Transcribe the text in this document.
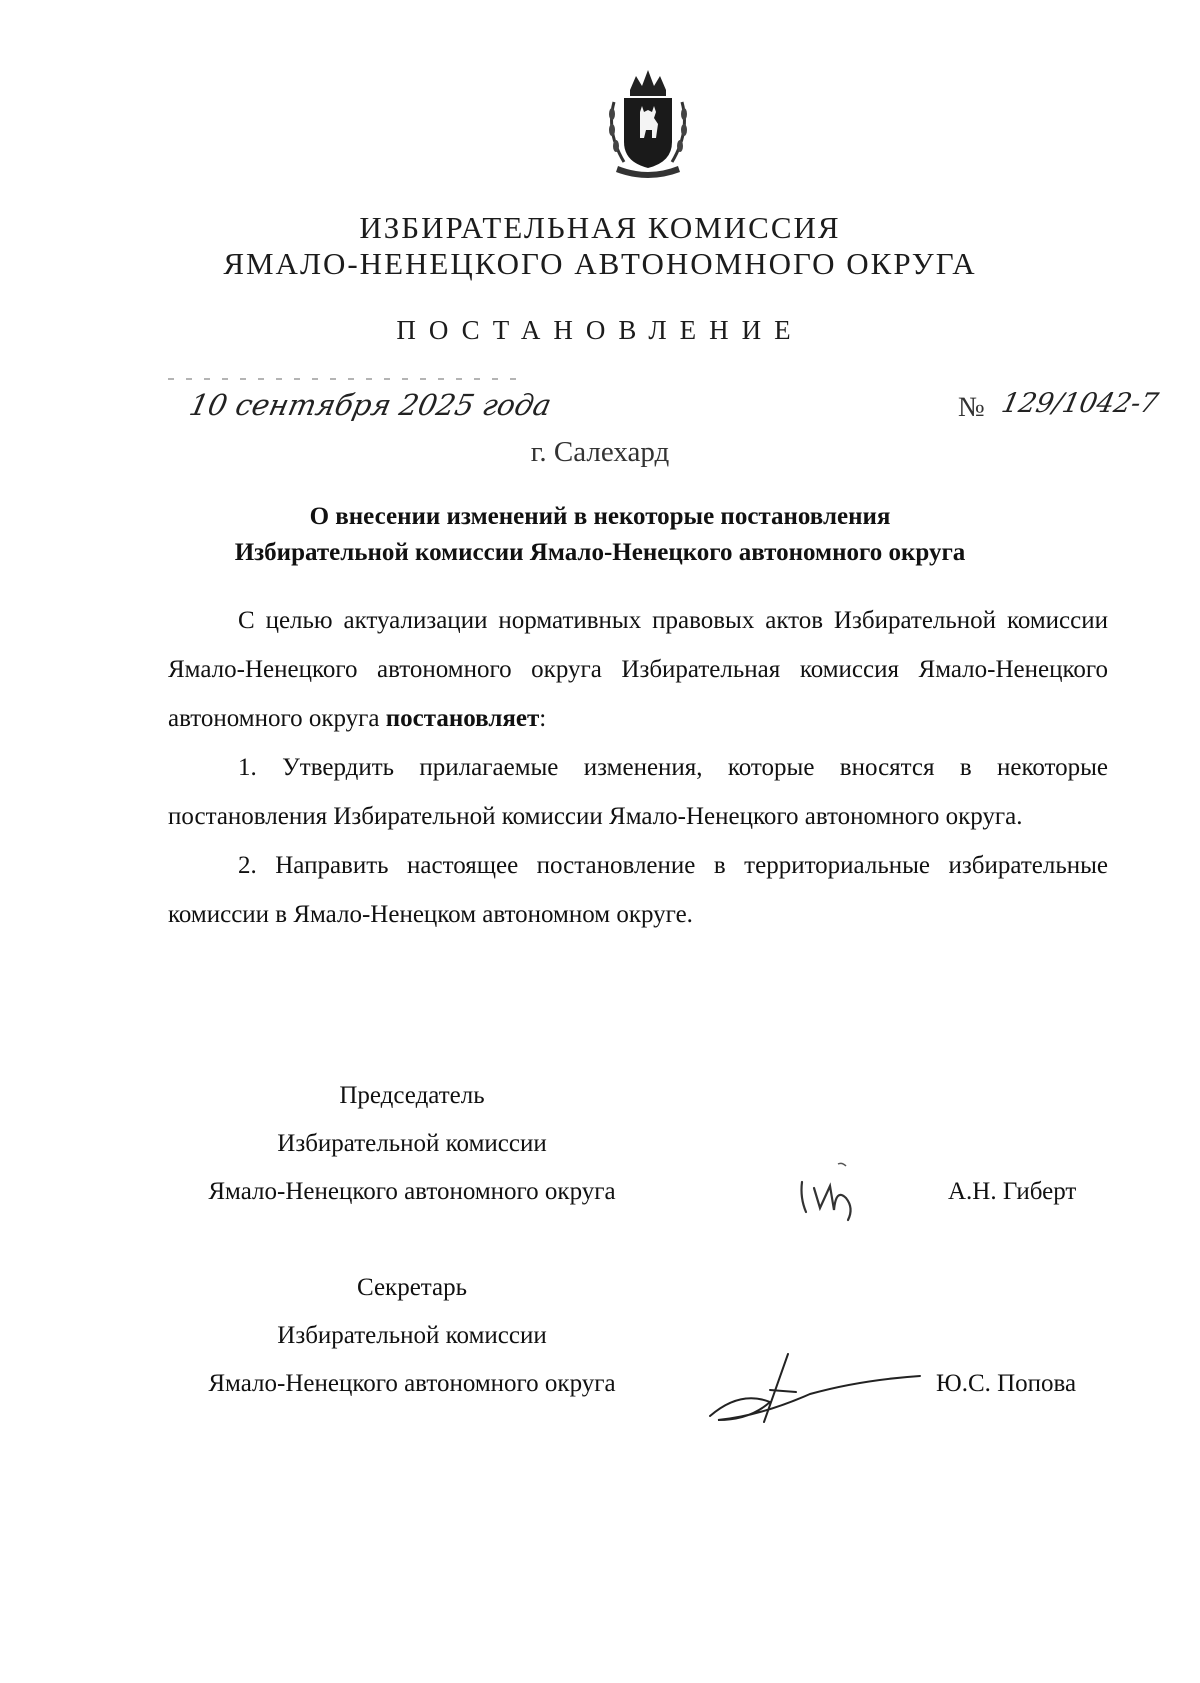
ИЗБИРАТЕЛЬНАЯ КОМИССИЯ
ЯМАЛО-НЕНЕЦКОГО АВТОНОМНОГО ОКРУГА
ПОСТАНОВЛЕНИЕ
10 сентября 2025 года	№ 129/1042-7
г. Салехард
О внесении изменений в некоторые постановления
Избирательной комиссии Ямало-Ненецкого автономного округа

С целью актуализации нормативных правовых актов Избирательной комиссии Ямало-Ненецкого автономного округа Избирательная комиссия Ямало-Ненецкого автономного округа постановляет:

1. Утвердить прилагаемые изменения, которые вносятся в некоторые постановления Избирательной комиссии Ямало-Ненецкого автономного округа.

2. Направить настоящее постановление в территориальные избирательные комиссии в Ямало-Ненецком автономном округе.

Председатель
Избирательной комиссии
Ямало-Ненецкого автономного округа	А.Н. Гиберт
Секретарь
Избирательной комиссии
Ямало-Ненецкого автономного округа	Ю.С. Попова
